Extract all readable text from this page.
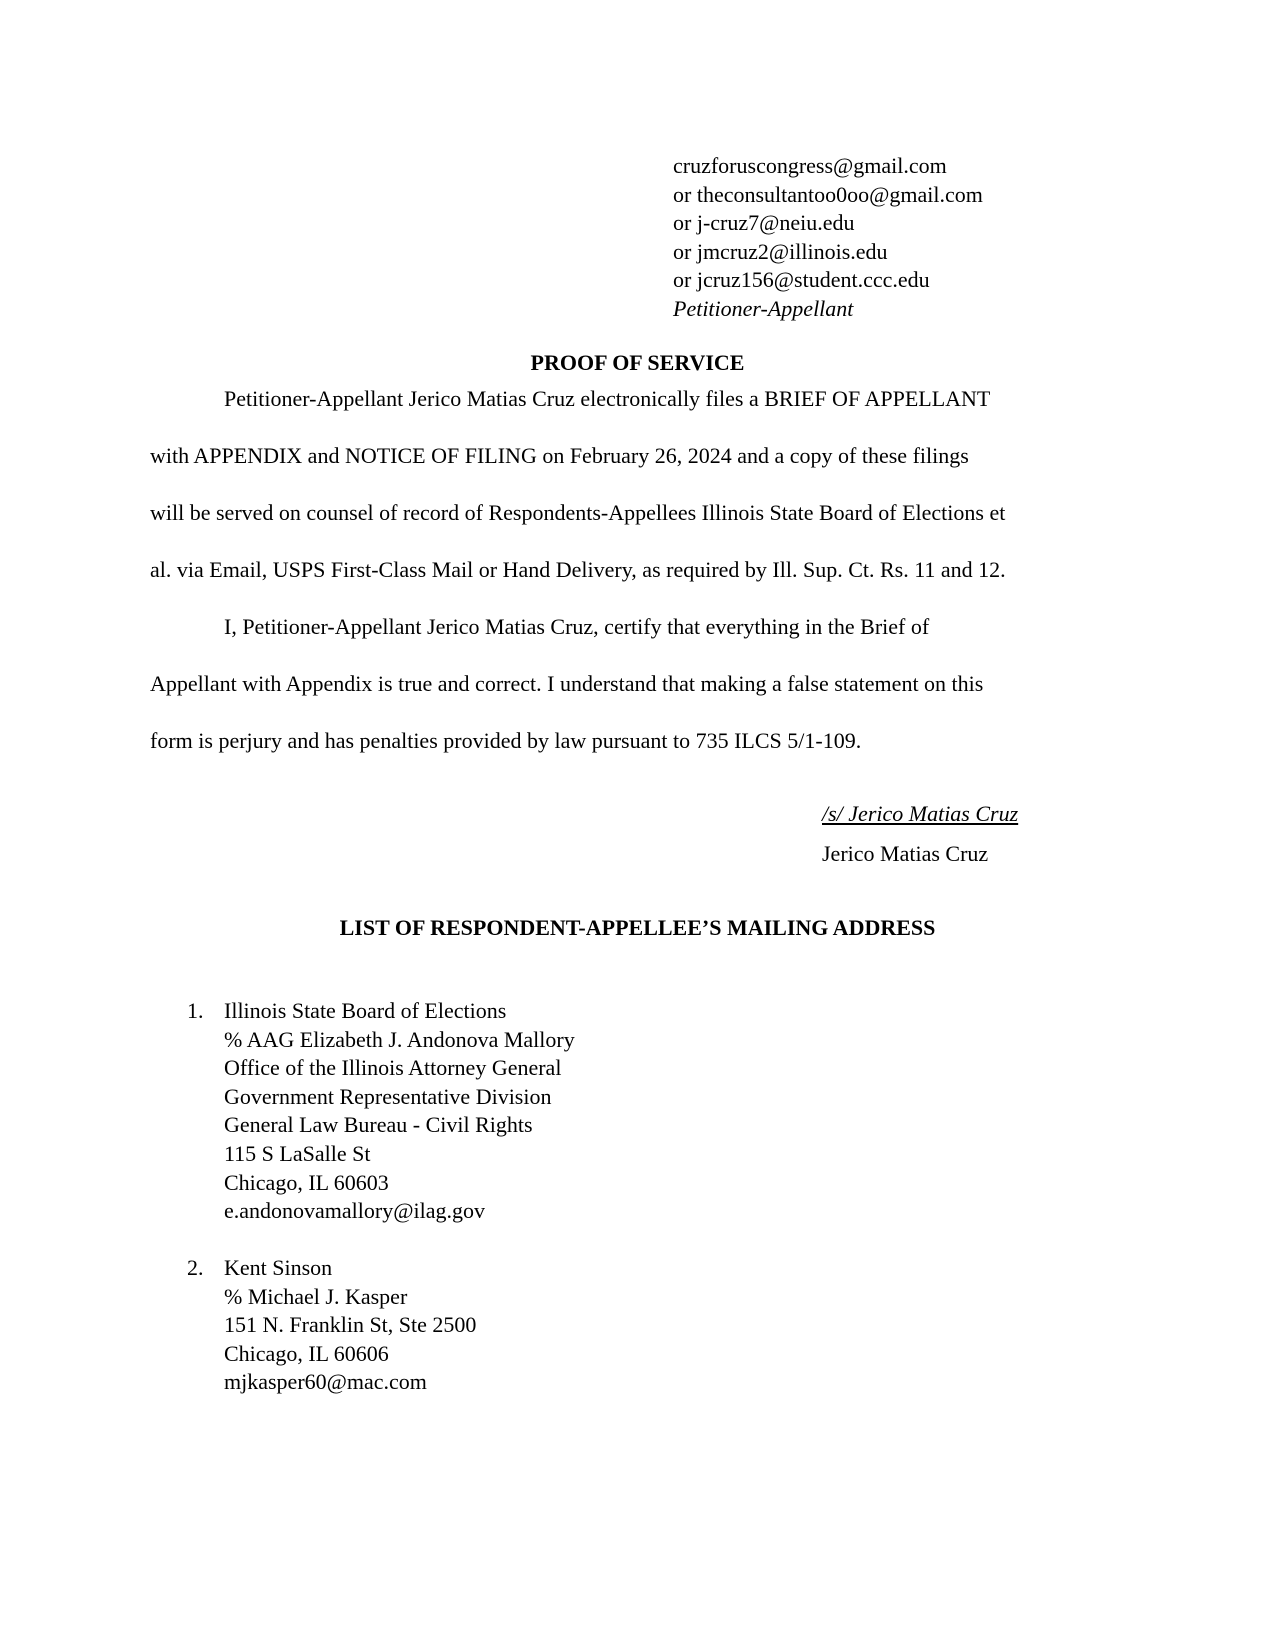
cruzforuscongress@gmail.com
or theconsultantoo0oo@gmail.com
or j-cruz7@neiu.edu
or jmcruz2@illinois.edu
or jcruz156@student.ccc.edu
Petitioner-Appellant
PROOF OF SERVICE
Petitioner-Appellant Jerico Matias Cruz electronically files a BRIEF OF APPELLANT
with APPENDIX and NOTICE OF FILING on February 26, 2024 and a copy of these filings
will be served on counsel of record of Respondents-Appellees Illinois State Board of Elections et
al. via Email, USPS First-Class Mail or Hand Delivery, as required by Ill. Sup. Ct. Rs. 11 and 12.
I, Petitioner-Appellant Jerico Matias Cruz, certify that everything in the Brief of
Appellant with Appendix is true and correct. I understand that making a false statement on this
form is perjury and has penalties provided by law pursuant to 735 ILCS 5/1-109.
/s/ Jerico Matias Cruz
Jerico Matias Cruz
LIST OF RESPONDENT-APPELLEE’S MAILING ADDRESS
1. Illinois State Board of Elections
% AAG Elizabeth J. Andonova Mallory
Office of the Illinois Attorney General
Government Representative Division
General Law Bureau - Civil Rights
115 S LaSalle St
Chicago, IL 60603
e.andonovamallory@ilag.gov
2. Kent Sinson
% Michael J. Kasper
151 N. Franklin St, Ste 2500
Chicago, IL 60606
mjkasper60@mac.com
